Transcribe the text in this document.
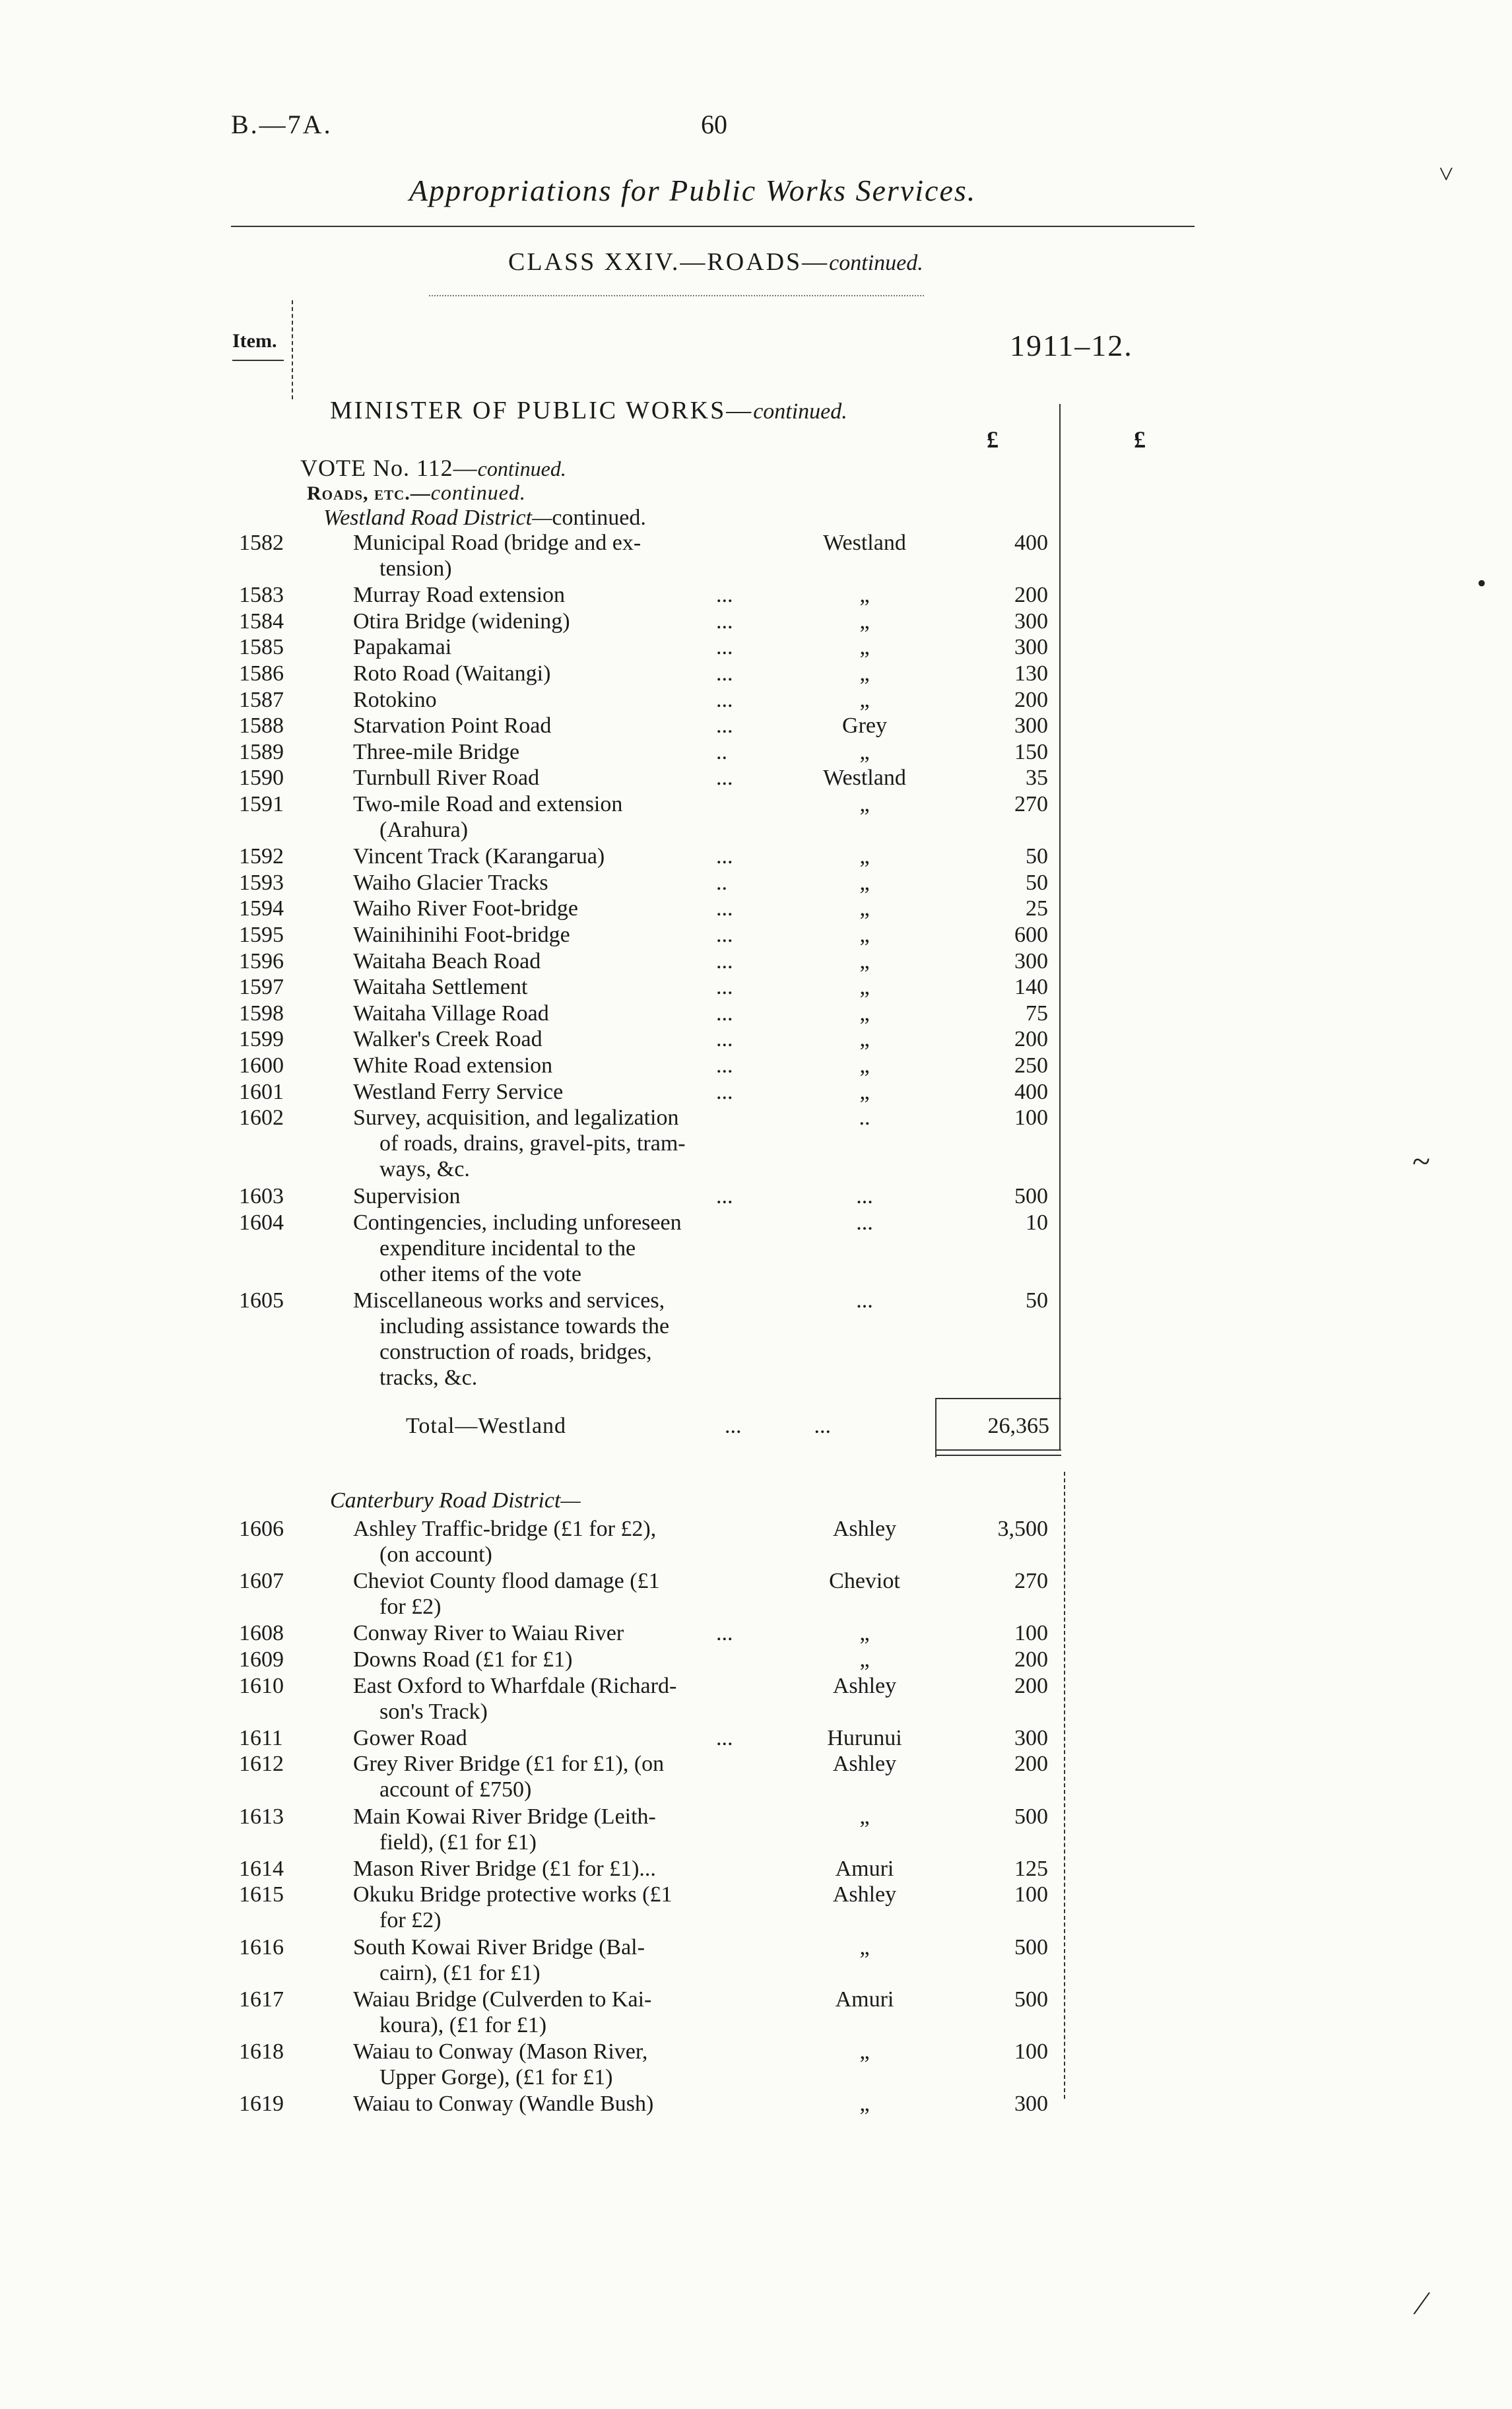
B.—7A.	60
Appropriations for Public Works Services.
CLASS XXIV.—ROADS—continued.
Item.	1911–12.
MINISTER OF PUBLIC WORKS—continued.
£	£
VOTE No. 112—continued.
Roads, etc.—continued.
Westland Road District—continued.
1582	Municipal Road (bridge and ex-
tension)
Westland	400
1583	Murray Road extension	...	„	200
1584	Otira Bridge (widening)	...	„	300
1585	Papakamai	...	„	300
1586	Roto Road (Waitangi)	...	„	130
1587	Rotokino	...	„	200
1588	Starvation Point Road	...	Grey	300
1589	Three-mile Bridge	..	„	150
1590	Turnbull River Road	...	Westland	35
1591	Two-mile Road and extension
(Arahura)
„	270
1592	Vincent Track (Karangarua)	...	„	50
1593	Waiho Glacier Tracks	..	„	50
1594	Waiho River Foot-bridge	...	„	25
1595	Wainihinihi Foot-bridge	...	„	600
1596	Waitaha Beach Road	...	„	300
1597	Waitaha Settlement	...	„	140
1598	Waitaha Village Road	...	„	75
1599	Walker's Creek Road	...	„	200
1600	White Road extension	...	„	250
1601	Westland Ferry Service	...	„	400
1602	Survey, acquisition, and legalization
of roads, drains, gravel-pits, tram-
ways, &c.
..	100
1603	Supervision	...	...	500
1604	Contingencies, including unforeseen
expenditure incidental to the
other items of the vote
...	10
1605	Miscellaneous works and services,
including assistance towards the
construction of roads, bridges,
tracks, &c.
...	50
Total—Westland	...	...	26,365
Canterbury Road District—
1606	Ashley Traffic-bridge (£1 for £2),
(on account)
Ashley	3,500
1607	Cheviot County flood damage (£1
for £2)
Cheviot	270
1608	Conway River to Waiau River	...	„	100
1609	Downs Road (£1 for £1)	„	200
1610	East Oxford to Wharfdale (Richard-
son's Track)
Ashley	200
1611	Gower Road	...	Hurunui	300
1612	Grey River Bridge (£1 for £1), (on
account of £750)
Ashley	200
1613	Main Kowai River Bridge (Leith-
field), (£1 for £1)
„	500
1614	Mason River Bridge (£1 for £1)...	Amuri	125
1615	Okuku Bridge protective works (£1
for £2)
Ashley	100
1616	South Kowai River Bridge (Bal-
cairn), (£1 for £1)
„	500
1617	Waiau Bridge (Culverden to Kai-
koura), (£1 for £1)
Amuri	500
1618	Waiau to Conway (Mason River,
Upper Gorge), (£1 for £1)
„	100
1619	Waiau to Conway (Wandle Bush)	„	300
˅
•
~
⁄
